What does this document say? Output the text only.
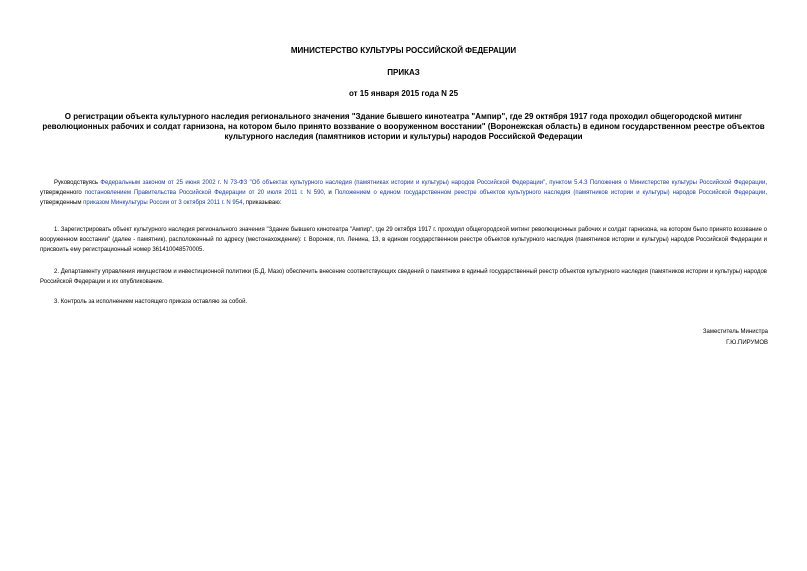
МИНИСТЕРСТВО КУЛЬТУРЫ РОССИЙСКОЙ ФЕДЕРАЦИИ
ПРИКАЗ
от 15 января 2015 года N 25
О регистрации объекта культурного наследия регионального значения "Здание бывшего кинотеатра "Ампир", где 29 октября 1917 года проходил общегородской митинг революционных рабочих и солдат гарнизона, на котором было принято воззвание о вооруженном восстании" (Воронежская область) в едином государственном реестре объектов культурного наследия (памятников истории и культуры) народов Российской Федерации
Руководствуясь Федеральным законом от 25 июня 2002 г. N 73-ФЗ "Об объектах культурного наследия (памятниках истории и культуры) народов Российской Федерации", пунктом 5.4.3 Положения о Министерстве культуры Российской Федерации, утвержденного постановлением Правительства Российской Федерации от 20 июля 2011 г. N 590, и Положением о едином государственном реестре объектов культурного наследия (памятников истории и культуры) народов Российской Федерации, утвержденным приказом Минкультуры России от 3 октября 2011 г. N 954, приказываю:
1. Зарегистрировать объект культурного наследия регионального значения "Здание бывшего кинотеатра "Ампир", где 29 октября 1917 г. проходил общегородской митинг революционных рабочих и солдат гарнизона, на котором было принято воззвание о вооруженном восстании" (далее - памятник), расположенный по адресу (местонахождение): г. Воронеж, пл. Ленина, 13, в едином государственном реестре объектов культурного наследия (памятников истории и культуры) народов Российской Федерации и присвоить ему регистрационный номер 361410048570005.
2. Департаменту управления имуществом и инвестиционной политики (Б.Д. Мазо) обеспечить внесение соответствующих сведений о памятнике в единый государственный реестр объектов культурного наследия (памятников истории и культуры) народов Российской Федерации и их опубликование.
3. Контроль за исполнением настоящего приказа оставляю за собой.
Заместитель Министра
Г.Ю.ПИРУМОВ
